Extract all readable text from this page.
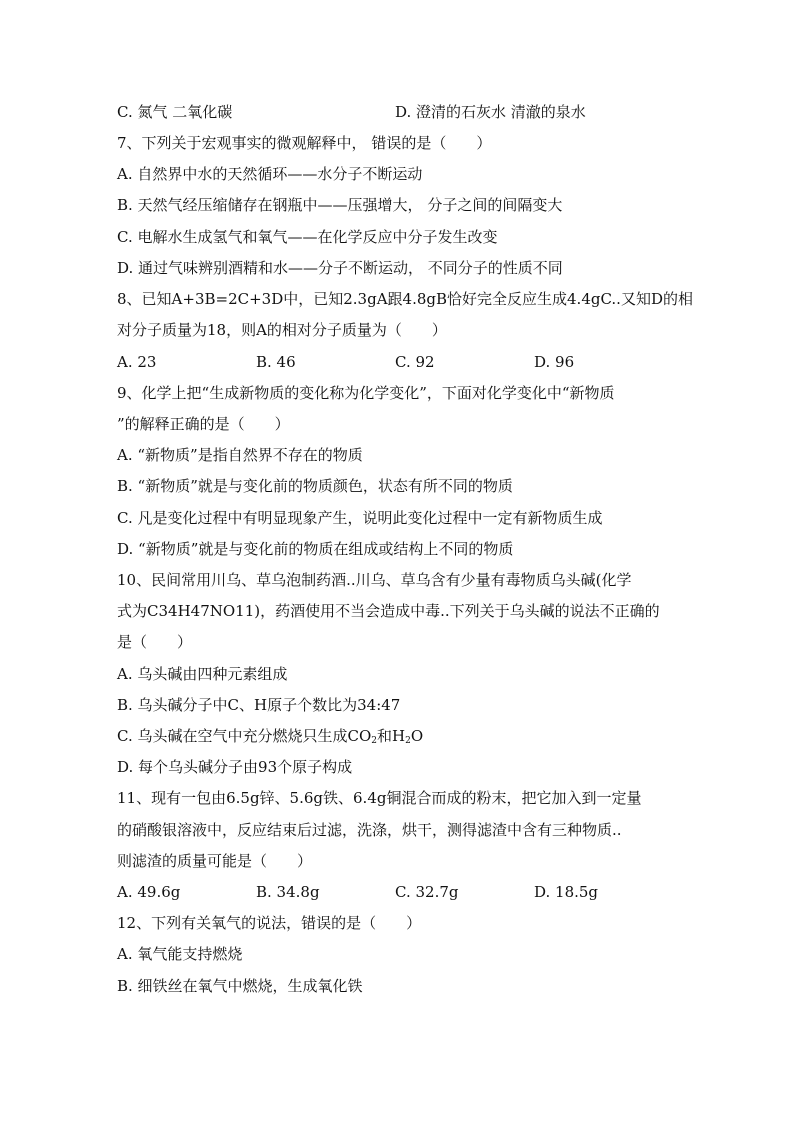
C. 氮气 二氧化碳	D. 澄清的石灰水 清澈的泉水
7、下列关于宏观事实的微观解释中， 错误的是（　　）
A. 自然界中水的天然循环——水分子不断运动
B. 天然气经压缩储存在钢瓶中——压强增大， 分子之间的间隔变大
C. 电解水生成氢气和氧气——在化学反应中分子发生改变
D. 通过气味辨别酒精和水——分子不断运动， 不同分子的性质不同
8、已知A+3B=2C+3D中，已知2.3gA跟4.8gB恰好完全反应生成4.4gC..又知D的相
对分子质量为18，则A的相对分子质量为（　　）
A. 23	B. 46	C. 92	D. 96
9、化学上把“生成新物质的变化称为化学变化”，下面对化学变化中“新物质
”的解释正确的是（　　）
A. “新物质”是指自然界不存在的物质
B. “新物质”就是与变化前的物质颜色，状态有所不同的物质
C. 凡是变化过程中有明显现象产生，说明此变化过程中一定有新物质生成
D. “新物质”就是与变化前的物质在组成或结构上不同的物质
10、民间常用川乌、草乌泡制药酒..川乌、草乌含有少量有毒物质乌头碱(化学
式为C34H47NO11)，药酒使用不当会造成中毒..下列关于乌头碱的说法不正确的
是（　　）
A. 乌头碱由四种元素组成
B. 乌头碱分子中C、H原子个数比为34:47
C. 乌头碱在空气中充分燃烧只生成$CO_2$和$H_2O$
D. 每个乌头碱分子由93个原子构成
11、现有一包由6.5g锌、5.6g铁、6.4g铜混合而成的粉末，把它加入到一定量
的硝酸银溶液中，反应结束后过滤，洗涤，烘干，测得滤渣中含有三种物质..
则滤渣的质量可能是（　　）
A. 49.6g	B. 34.8g	C. 32.7g	D. 18.5g
12、下列有关氧气的说法，错误的是（　　）
A. 氧气能支持燃烧
B. 细铁丝在氧气中燃烧，生成氧化铁
